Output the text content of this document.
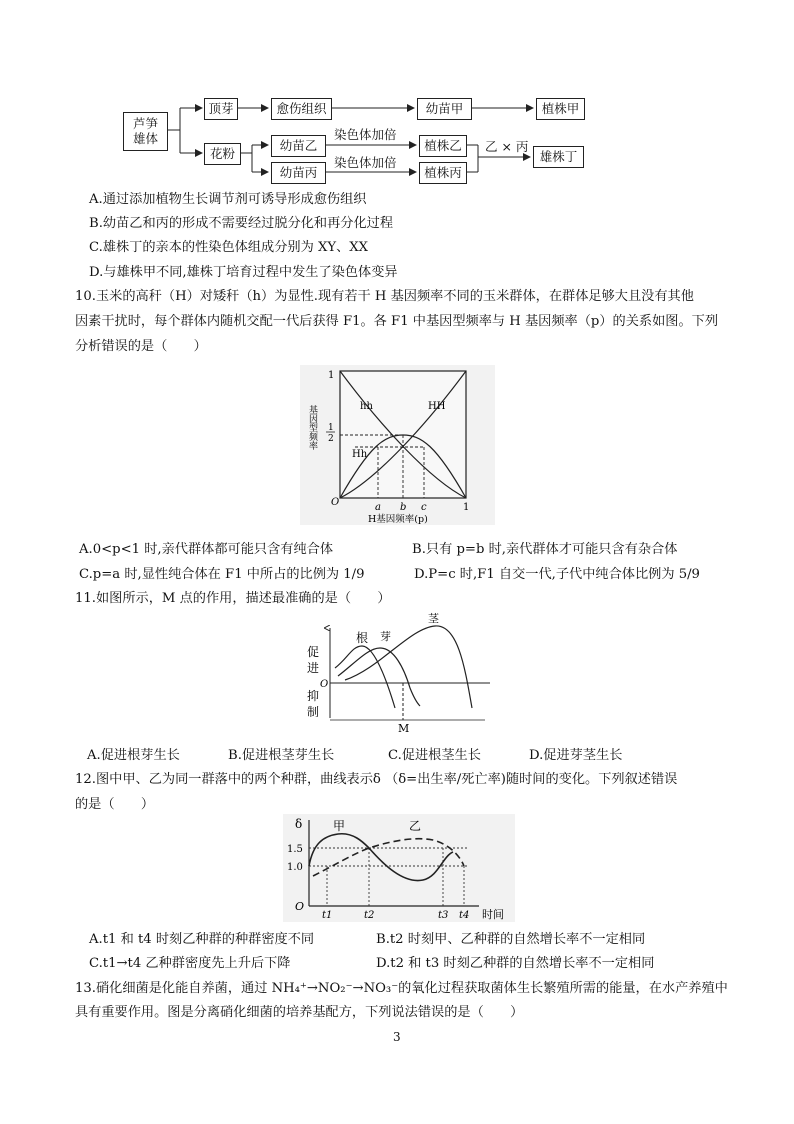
芦笋
雄体
顶芽	愈伤组织	幼苗甲	植株甲
花粉
幼苗乙
幼苗丙
染色体加倍
染色体加倍
植株乙
植株丙
乙 × 丙
雄株丁
A.通过添加植物生长调节剂可诱导形成愈伤组织
B.幼苗乙和丙的形成不需要经过脱分化和再分化过程
C.雄株丁的亲本的性染色体组成分别为 XY、XX
D.与雄株甲不同,雄株丁培育过程中发生了染色体变异
10.玉米的高秆（H）对矮秆（h）为显性.现有若干 H 基因频率不同的玉米群体，在群体足够大且没有其他
因素干扰时，每个群体内随机交配一代后获得 F1。各 F1 中基因型频率与 H 基因频率（p）的关系如图。下列
分析错误的是（　　）
1
1
2
基因型频率
O	1
a b c
H基因频率(p)
hh	HH
Hh
A.0<p<1 时,亲代群体都可能只含有纯合体	B.只有 p=b 时,亲代群体才可能只含有杂合体
C.p=a 时,显性纯合体在 F1 中所占的比例为 1/9	D.P=c 时,F1 自交一代,子代中纯合体比例为 5/9
11.如图所示，M 点的作用，描述最准确的是（　　）
根 芽
茎
促
进
抑
制
O
M
A.促进根芽生长	B.促进根茎芽生长	C.促进根茎生长	D.促进芽茎生长
12.图中甲、乙为同一群落中的两个种群，曲线表示δ （δ=出生率/死亡率)随时间的变化。下列叙述错误
的是（　　）
δ	甲	乙
1.5
1.0
O
t1	t2	t3 t4 时间
A.t1 和 t4 时刻乙种群的种群密度不同	B.t2 时刻甲、乙种群的自然增长率不一定相同
C.t1→t4 乙种群密度先上升后下降	D.t2 和 t3 时刻乙种群的自然增长率不一定相同
13.硝化细菌是化能自养菌，通过 NH₄⁺→NO₂⁻→NO₃⁻的氧化过程获取菌体生长繁殖所需的能量，在水产养殖中
具有重要作用。图是分离硝化细菌的培养基配方，下列说法错误的是（　　）
3
